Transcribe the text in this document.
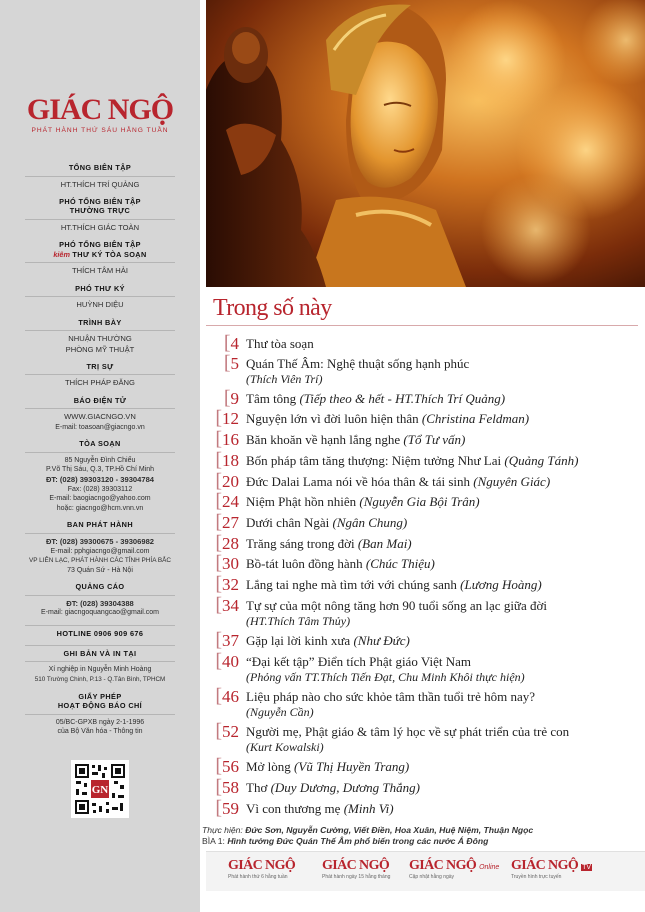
GIÁC NGỘ
PHÁT HÀNH THỨ SÁU HẰNG TUẦN
TỔNG BIÊN TẬP
HT.THÍCH TRÍ QUẢNG
PHÓ TỔNG BIÊN TẬP
THƯỜNG TRỰC
HT.THÍCH GIÁC TOÀN
PHÓ TỔNG BIÊN TẬP
kiêm THƯ KÝ TÒA SOẠN
THÍCH TÂM HẢI
PHÓ THƯ KÝ
HUỲNH DIỆU
TRÌNH BÀY
NHUẬN THƯỜNG
PHÒNG MỸ THUẬT
TRỊ SỰ
THÍCH PHÁP ĐĂNG
BÁO ĐIỆN TỬ
WWW.GIACNGO.VN
E-mail: toasoan@giacngo.vn
TÒA SOẠN
85 Nguyễn Đình Chiểu
P.Võ Thị Sáu, Q.3, TP.Hồ Chí Minh
ĐT: (028) 39303120 - 39304784
Fax: (028) 39303112
E-mail: baogiacngo@yahoo.com
hoặc: giacngo@hcm.vnn.vn
BAN PHÁT HÀNH
ĐT: (028) 39300675 - 39306982
E-mail: pphgiacngo@gmail.com
VP LIÊN LẠC, PHÁT HÀNH CÁC TỈNH PHÍA BẮC
73 Quán Sứ - Hà Nội
QUẢNG CÁO
ĐT: (028) 39304388
E-mail: giacngoquangcao@gmail.com
HOTLINE 0906 909 676
GHI BẢN VÀ IN TẠI
Xí nghiệp in Nguyễn Minh Hoàng
510 Trường Chinh, P.13 - Q.Tân Bình, TPHCM
GIẤY PHÉP
HOẠT ĐỘNG BÁO CHÍ
05/BC-GPXB ngày 2-1-1996
của Bộ Văn hóa - Thông tin
GN
Trong số này
[4 Thư tòa soạn
[5 Quán Thế Âm: Nghệ thuật sống hạnh phúc
(Thích Viên Trí)
[9 Tâm tông (Tiếp theo & hết - HT.Thích Trí Quảng)
[12 Nguyện lớn vì đời luôn hiện thân (Christina Feldman)
[16 Băn khoăn về hạnh lắng nghe (Tổ Tư vấn)
[18 Bốn pháp tâm tăng thượng: Niệm tưởng Như Lai (Quảng Tánh)
[20 Đức Dalai Lama nói về hóa thân & tái sinh (Nguyên Giác)
[24 Niệm Phật hồn nhiên (Nguyễn Gia Bội Trân)
[27 Dưới chân Ngài (Ngân Chung)
[28 Trăng sáng trong đời (Ban Mai)
[30 Bồ-tát luôn đồng hành (Chúc Thiệu)
[32 Lắng tai nghe mà tìm tới với chúng sanh (Lương Hoàng)
[34 Tự sự của một nông tăng hơn 90 tuổi sống an lạc giữa đời
(HT.Thích Tâm Thủy)
[37 Gặp lại lời kinh xưa (Như Đức)
[40 “Đại kết tập” Điển tích Phật giáo Việt Nam
(Phỏng vấn TT.Thích Tiến Đạt, Chu Minh Khôi thực hiện)
[46 Liệu pháp nào cho sức khỏe tâm thần tuổi trẻ hôm nay?
(Nguyễn Cần)
[52 Người mẹ, Phật giáo & tâm lý học về sự phát triển của trẻ con
(Kurt Kowalski)
[56 Mở lòng (Vũ Thị Huyền Trang)
[58 Thơ (Duy Dương, Dương Thắng)
[59 Vì con thương mẹ (Minh Vi)
Thực hiện: Đức Sơn, Nguyễn Cường, Viết Điền, Hoa Xuân, Huệ Niệm, Thuận Ngọc
BÌA 1: Hình tướng Đức Quán Thế Âm phổ biến trong các nước Á Đông
GIÁC NGỘ
Phát hành thứ 6 hằng tuần
GIÁC NGỘ
Phát hành ngày 15 hằng tháng
GIÁC NGỘ Online
Cập nhật hằng ngày
GIÁC NGỘ TV
Truyền hình trực tuyến
